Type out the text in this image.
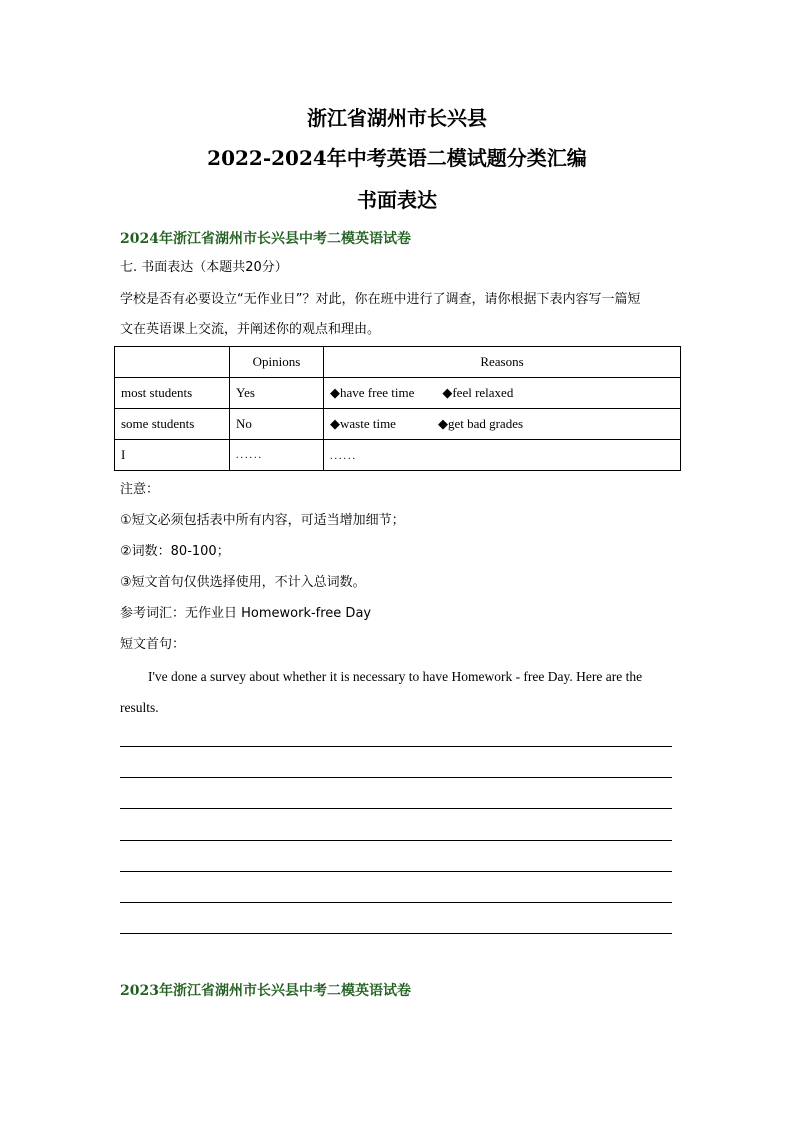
浙江省湖州市长兴县
2022-2024年中考英语二模试题分类汇编
书面表达
2024年浙江省湖州市长兴县中考二模英语试卷
七. 书面表达（本题共20分）
学校是否有必要设立“无作业日”？对此，你在班中进行了调查，请你根据下表内容写一篇短
文在英语课上交流，并阐述你的观点和理由。
	Opinions	Reasons
most students	Yes	◆have free time ◆feel relaxed
some students	No	◆waste time ◆get bad grades
I	......	......
注意：
①短文必须包括表中所有内容，可适当增加细节；
②词数：80-100；
③短文首句仅供选择使用，不计入总词数。
参考词汇：无作业日 Homework-free Day
短文首句：
I've done a survey about whether it is necessary to have Homework - free Day. Here are the
results.
2023年浙江省湖州市长兴县中考二模英语试卷
